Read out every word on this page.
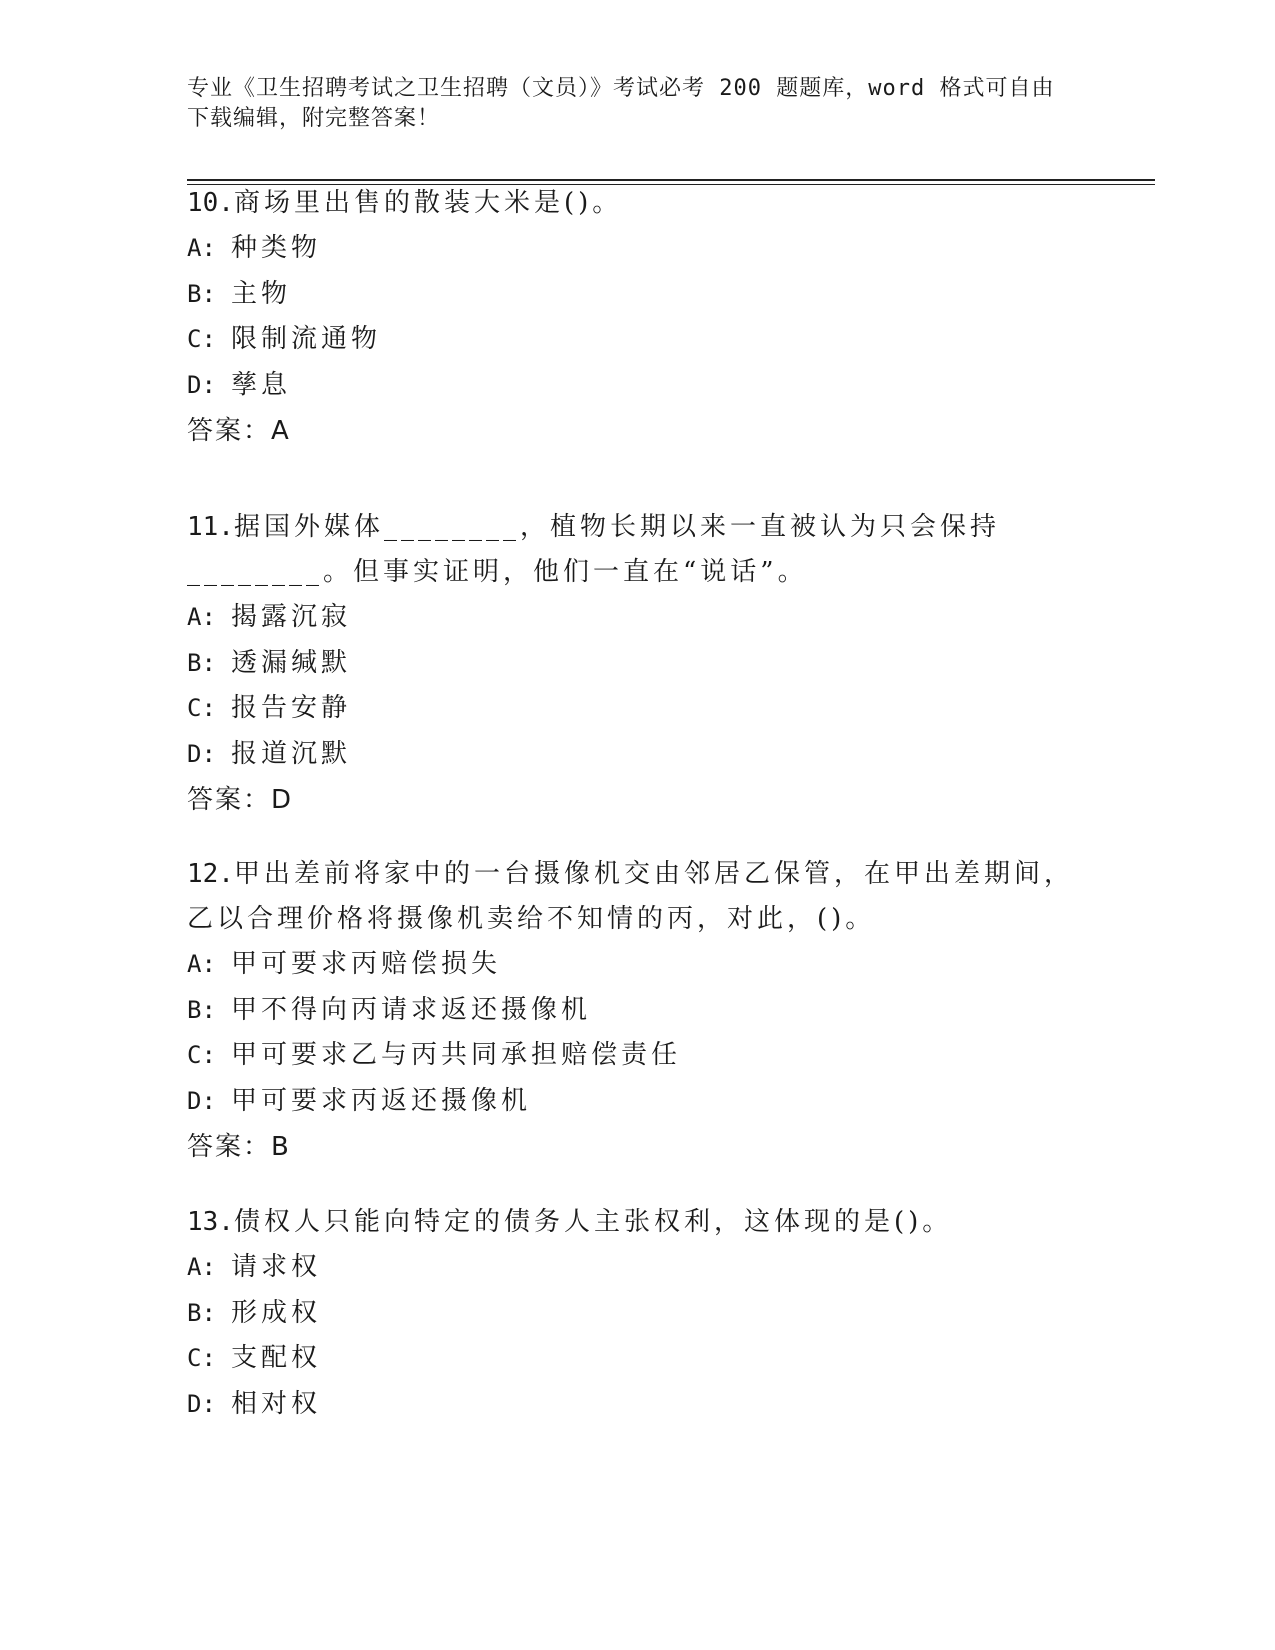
专业《卫生招聘考试之卫生招聘（文员）》考试必考 200 题题库，word 格式可自由下载编辑，附完整答案！

10.商场里出售的散装大米是()。

A: 种类物

B: 主物

C: 限制流通物

D: 孳息

答案：A

11.据国外媒体________，植物长期以来一直被认为只会保持________。但事实证明，他们一直在“说话”。

A: 揭露沉寂

B: 透漏缄默

C: 报告安静

D: 报道沉默

答案：D

12.甲出差前将家中的一台摄像机交由邻居乙保管，在甲出差期间，乙以合理价格将摄像机卖给不知情的丙，对此，()。

A: 甲可要求丙赔偿损失

B: 甲不得向丙请求返还摄像机

C: 甲可要求乙与丙共同承担赔偿责任

D: 甲可要求丙返还摄像机

答案：B

13.债权人只能向特定的债务人主张权利，这体现的是()。

A: 请求权

B: 形成权

C: 支配权

D: 相对权
